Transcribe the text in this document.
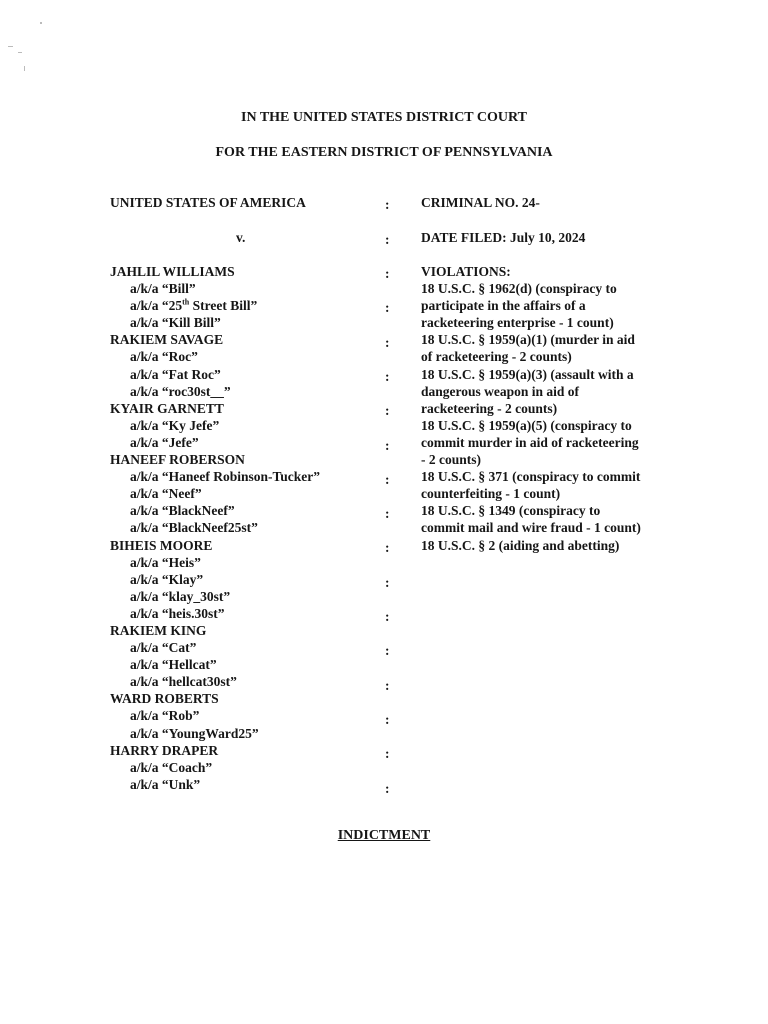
IN THE UNITED STATES DISTRICT COURT
FOR THE EASTERN DISTRICT OF PENNSYLVANIA
UNITED STATES OF AMERICA
v.
CRIMINAL NO. 24-
DATE FILED: July 10, 2024
JAHLIL WILLIAMS
a/k/a “Bill”
a/k/a “25th Street Bill”
a/k/a “Kill Bill”
RAKIEM SAVAGE
a/k/a “Roc”
a/k/a “Fat Roc”
a/k/a “roc30st__”
KYAIR GARNETT
a/k/a “Ky Jefe”
a/k/a “Jefe”
HANEEF ROBERSON
a/k/a “Haneef Robinson-Tucker”
a/k/a “Neef”
a/k/a “BlackNeef”
a/k/a “BlackNeef25st”
BIHEIS MOORE
a/k/a “Heis”
a/k/a “Klay”
a/k/a “klay_30st”
a/k/a “heis.30st”
RAKIEM KING
a/k/a “Cat”
a/k/a “Hellcat”
a/k/a “hellcat30st”
WARD ROBERTS
a/k/a “Rob”
a/k/a “YoungWard25”
HARRY DRAPER
a/k/a “Coach”
a/k/a “Unk”
:
:
:
:
:
:
:
:
:
:
:
:
:
:
:
:
:
:
VIOLATIONS:
18 U.S.C. § 1962(d) (conspiracy to
participate in the affairs of a
racketeering enterprise - 1 count)
18 U.S.C. § 1959(a)(1) (murder in aid
of racketeering - 2 counts)
18 U.S.C. § 1959(a)(3) (assault with a
dangerous weapon in aid of
racketeering - 2 counts)
18 U.S.C. § 1959(a)(5) (conspiracy to
commit murder in aid of racketeering
- 2 counts)
18 U.S.C. § 371 (conspiracy to commit
counterfeiting - 1 count)
18 U.S.C. § 1349 (conspiracy to
commit mail and wire fraud - 1 count)
18 U.S.C. § 2 (aiding and abetting)
INDICTMENT
